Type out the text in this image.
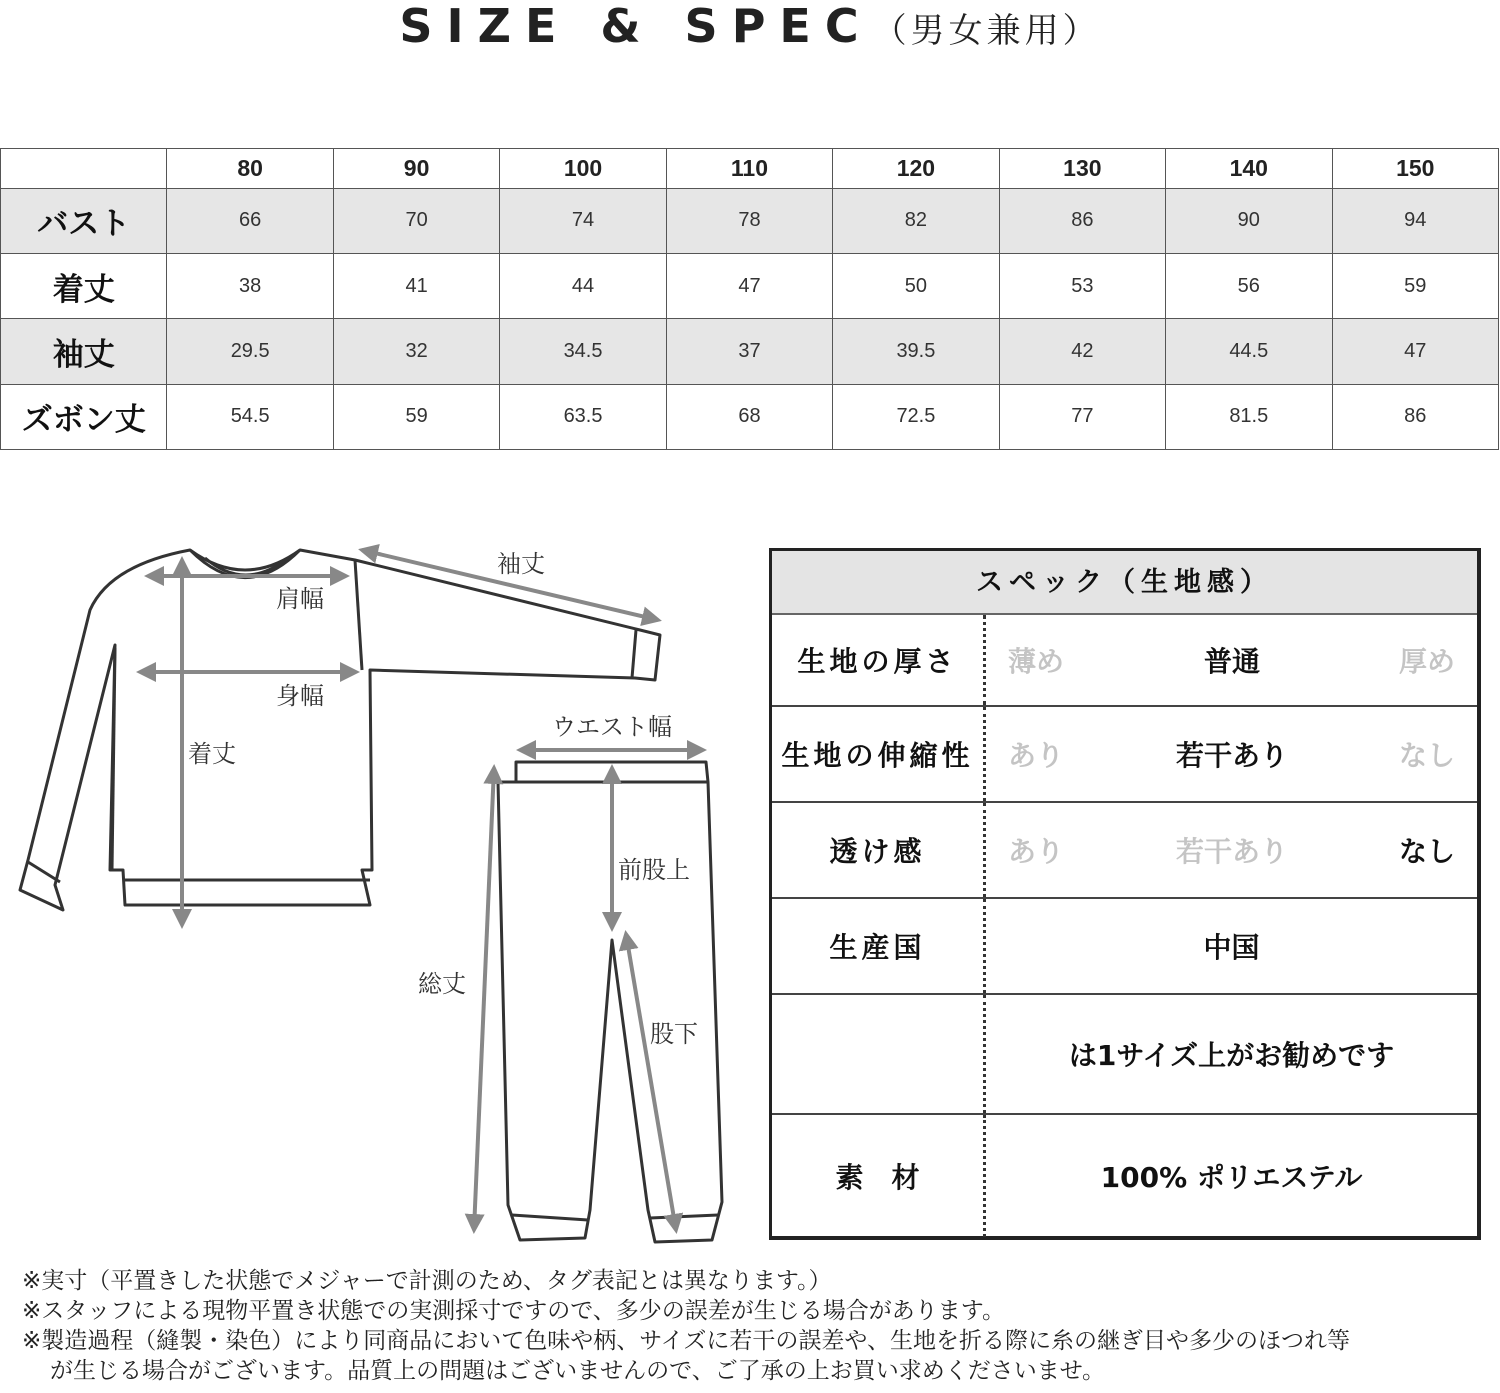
SIZE & SPEC（男女兼用）
	80	90	100	110	120	130	140	150
バスト	66	70	74	78	82	86	90	94
着丈	38	41	44	47	50	53	56	59
袖丈	29.5	32	34.5	37	39.5	42	44.5	47
ズボン丈	54.5	59	63.5	68	72.5	77	81.5	86
袖丈
肩幅
身幅
着丈
ウエスト幅
前股上
総丈
股下
スペック（生地感）
生地の厚さ	薄め	普通	厚め
生地の伸縮性	あり	若干あり	なし
透け感	あり	若干あり	なし
生産国	中国
は1サイズ上がお勧めです
素　材	100% ポリエステル
※実寸（平置きした状態でメジャーで計測のため、タグ表記とは異なります。）
※スタッフによる現物平置き状態での実測採寸ですので、多少の誤差が生じる場合があります。
※製造過程（縫製・染色）により同商品において色味や柄、サイズに若干の誤差や、生地を折る際に糸の継ぎ目や多少のほつれ等
が生じる場合がございます。品質上の問題はございませんので、ご了承の上お買い求めくださいませ。
